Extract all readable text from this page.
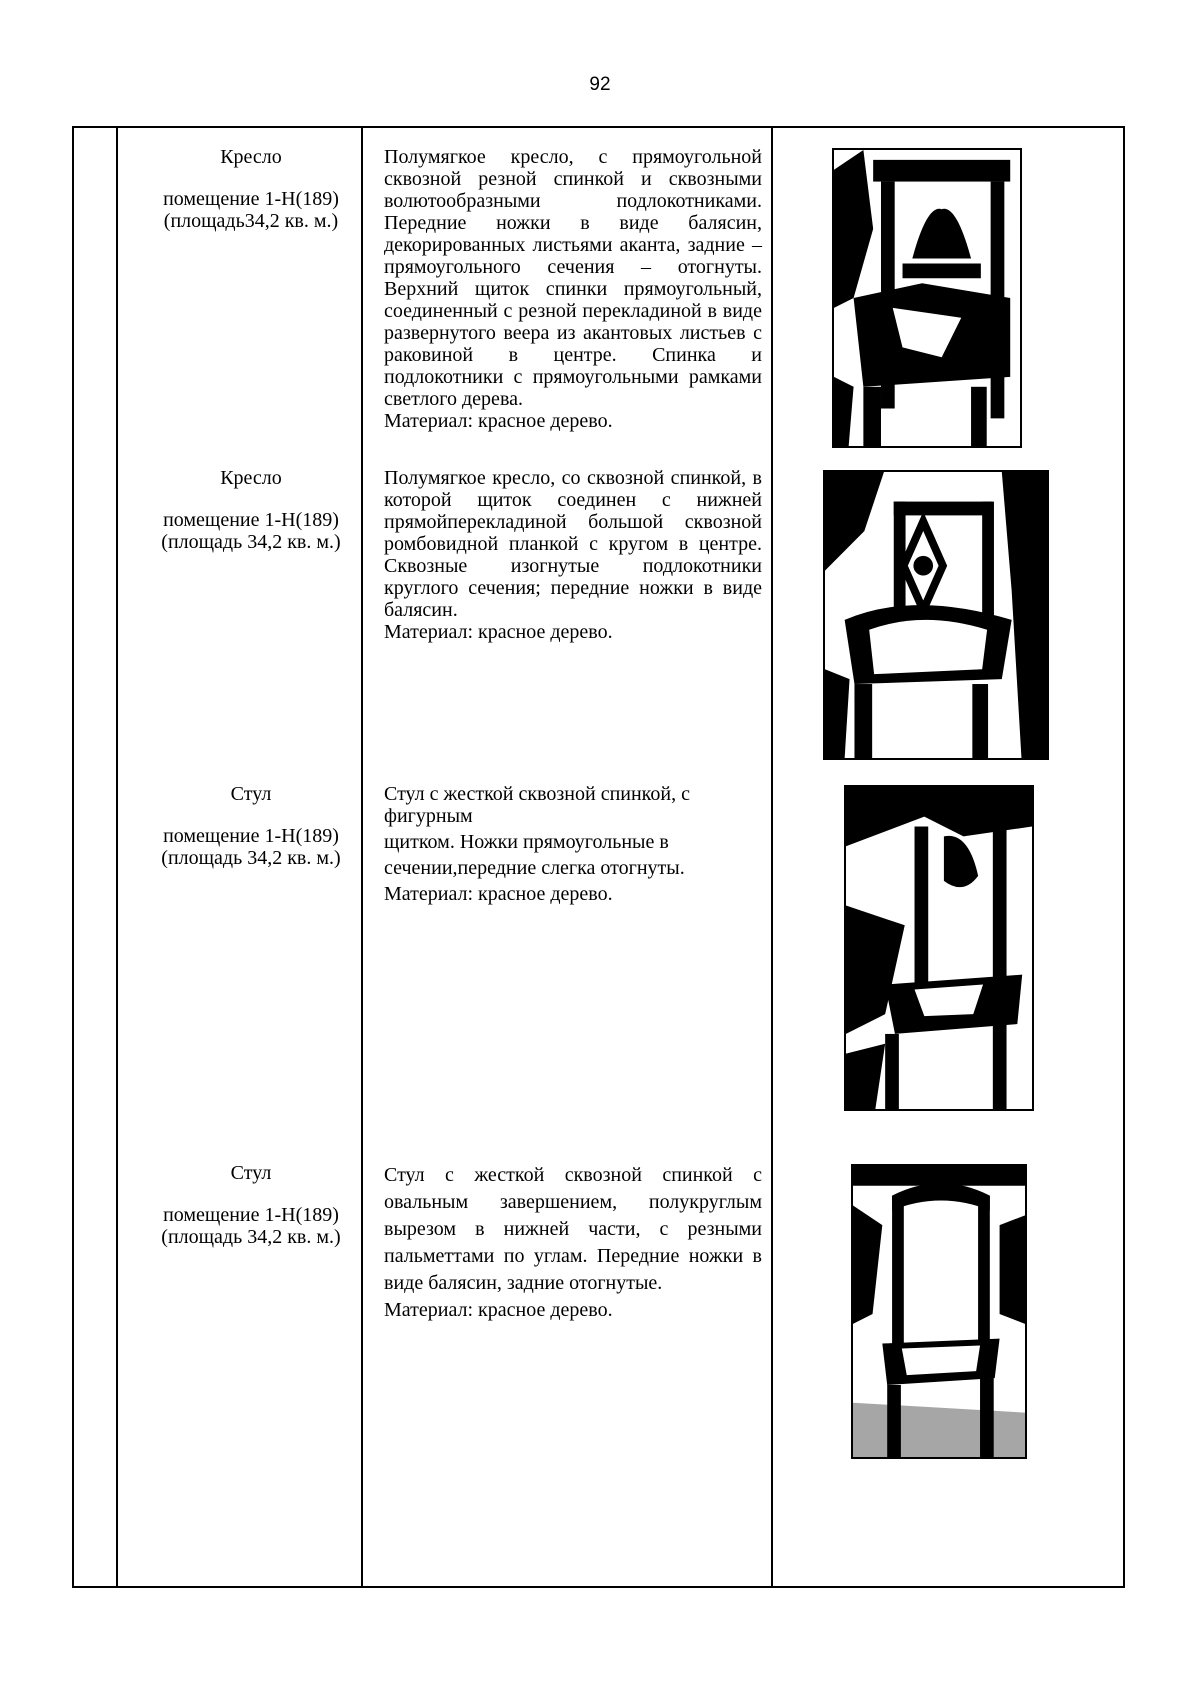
92
Кресло
помещение 1-Н(189)
(площадь34,2 кв. м.)

Полумягкое кресло, с прямоугольной сквозной резной спинкой и сквозными волютообразными подлокотниками. Передние ножки в виде балясин, декорированных листьями аканта, задние – прямоугольного сечения – отогнуты. Верхний щиток спинки прямоугольный, соединенный с резной перекладиной в виде развернутого веера из акантовых листьев с раковиной в центре. Спинка и подлокотники с прямоугольными рамками светлого дерева.

Материал: красное дерево.

Кресло
помещение 1-Н(189)
(площадь 34,2 кв. м.)

Полумягкое кресло, со сквозной спинкой, в которой щиток соединен с нижней прямойперекладиной большой сквозной ромбовидной планкой с кругом в центре. Сквозные изогнутые подлокотники круглого сечения; передние ножки в виде балясин.

Материал: красное дерево.

Стул
помещение 1-Н(189)
(площадь 34,2 кв. м.)

Стул с жесткой сквозной спинкой, с фигурным

щитком. Ножки прямоугольные в

сечении,передние слегка отогнуты.

Материал: красное дерево.

Стул
помещение 1-Н(189)
(площадь 34,2 кв. м.)

Стул с жесткой сквозной спинкой с овальным завершением, полукруглым вырезом в нижней части, с резными пальметтами по углам. Передние ножки в виде балясин, задние отогнутые.

Материал: красное дерево.
